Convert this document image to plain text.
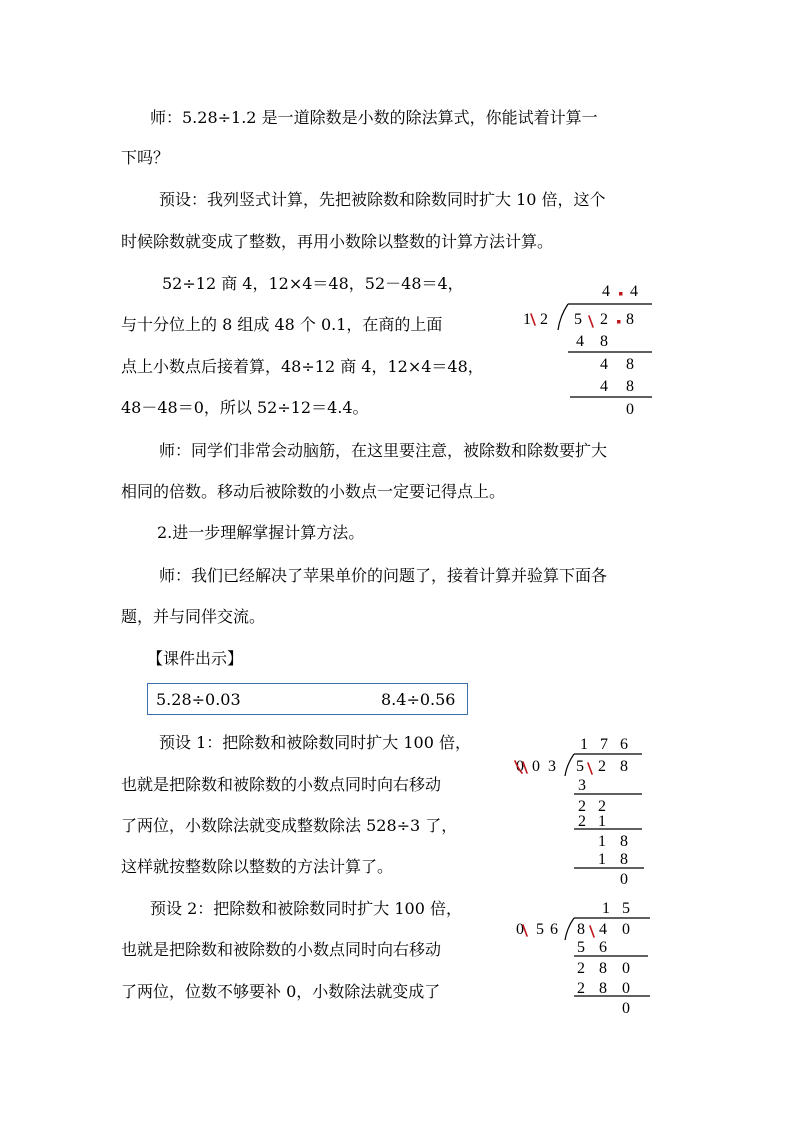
师：5.28÷1.2 是一道除数是小数的除法算式，你能试着计算一
下吗？
预设：我列竖式计算，先把被除数和除数同时扩大 10 倍，这个
时候除数就变成了整数，再用小数除以整数的计算方法计算。
52÷12 商 4，12×4＝48，52－48＝4，
与十分位上的 8 组成 48 个 0.1，在商的上面
点上小数点后接着算，48÷12 商 4，12×4＝48，
48－48＝0，所以 52÷12＝4.4。
4 4
1 2 5 2 8
4 8
4 8
4 8
0
师：同学们非常会动脑筋，在这里要注意，被除数和除数要扩大
相同的倍数。移动后被除数的小数点一定要记得点上。
2.进一步理解掌握计算方法。
师：我们已经解决了苹果单价的问题了，接着计算并验算下面各
题，并与同伴交流。
【课件出示】
5.28÷0.03	8.4÷0.56
预设 1：把除数和被除数同时扩大 100 倍，
也就是把除数和被除数的小数点同时向右移动
了两位，小数除法就变成整数除法 528÷3 了，
这样就按整数除以整数的方法计算了。
1 7 6
0 0 3 5 2 8
3
2 2
2 1
1 8
1 8
0
预设 2：把除数和被除数同时扩大 100 倍，
也就是把除数和被除数的小数点同时向右移动
了两位，位数不够要补 0，小数除法就变成了
1 5
0 5 6 8 4 0
5 6
2 8 0
2 8 0
0
